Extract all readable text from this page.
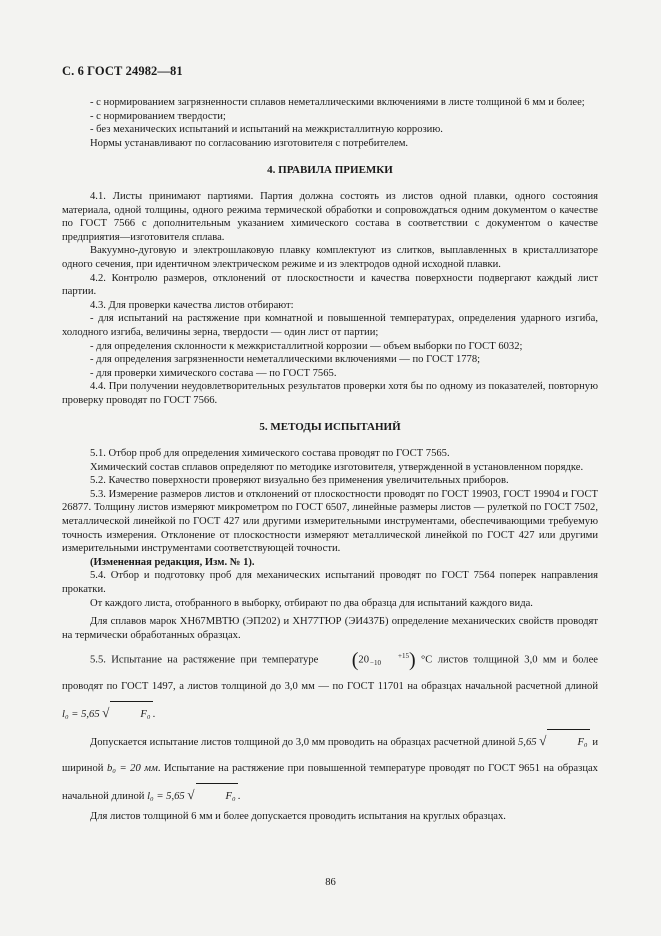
С. 6 ГОСТ 24982—81

- с нормированием загрязненности сплавов неметаллическими включениями в листе толщиной 6 мм и более;

- с нормированием твердости;

- без механических испытаний и испытаний на межкристаллитную коррозию.

Нормы устанавливают по согласованию изготовителя с потребителем.

4. ПРАВИЛА ПРИЕМКИ

4.1. Листы принимают партиями. Партия должна состоять из листов одной плавки, одного состояния материала, одной толщины, одного режима термической обработки и сопровождаться одним документом о качестве по ГОСТ 7566 с дополнительным указанием химического состава в соответствии с документом о качестве предприятия—изготовителя сплава.

Вакуумно-дуговую и электрошлаковую плавку комплектуют из слитков, выплавленных в кристаллизаторе одного сечения, при идентичном электрическом режиме и из электродов одной исходной плавки.

4.2. Контролю размеров, отклонений от плоскостности и качества поверхности подвергают каждый лист партии.

4.3. Для проверки качества листов отбирают:

- для испытаний на растяжение при комнатной и повышенной температурах, определения ударного изгиба, холодного изгиба, величины зерна, твердости — один лист от партии;

- для определения склонности к межкристаллитной коррозии — объем выборки по ГОСТ 6032;

- для определения загрязненности неметаллическими включениями — по ГОСТ 1778;

- для проверки химического состава — по ГОСТ 7565.

4.4. При получении неудовлетворительных результатов проверки хотя бы по одному из показателей, повторную проверку проводят по ГОСТ 7566.

5. МЕТОДЫ ИСПЫТАНИЙ

5.1. Отбор проб для определения химического состава проводят по ГОСТ 7565.

Химический состав сплавов определяют по методике изготовителя, утвержденной в установленном порядке.

5.2. Качество поверхности проверяют визуально без применения увеличительных приборов.

5.3. Измерение размеров листов и отклонений от плоскостности проводят по ГОСТ 19903, ГОСТ 19904 и ГОСТ 26877. Толщину листов измеряют микрометром по ГОСТ 6507, линейные размеры листов — рулеткой по ГОСТ 7502, металлической линейкой по ГОСТ 427 или другими измерительными инструментами, обеспечивающими требуемую точность измерения. Отклонение от плоскостности измеряют металлической линейкой по ГОСТ 427 или другими измерительными инструментами соответствующей точности.

(Измененная редакция, Изм. № 1).

5.4. Отбор и подготовку проб для механических испытаний проводят по ГОСТ 7564 поперек направления прокатки.

От каждого листа, отобранного в выборку, отбирают по два образца для испытаний каждого вида.

Для сплавов марок ХН67МВТЮ (ЭП202) и ХН77ТЮР (ЭИ437Б) определение механических свойств проводят на термически обработанных образцах.

5.5. Испытание на растяжение при температуре (20	+15
−10 ) °С листов толщиной 3,0 мм и более проводят по ГОСТ 1497, а листов толщиной до 3,0 мм — по ГОСТ 11701 на образцах начальной расчетной длиной l₀ = 5,65 √	F₀ .

Допускается испытание листов толщиной до 3,0 мм проводить на образцах расчетной длиной 5,65 √	F₀ и шириной b₀ = 20 мм. Испытание на растяжение при повышенной температуре проводят по ГОСТ 9651 на образцах начальной длиной l₀ = 5,65 √	F₀ .

Для листов толщиной 6 мм и более допускается проводить испытания на круглых образцах.

86
